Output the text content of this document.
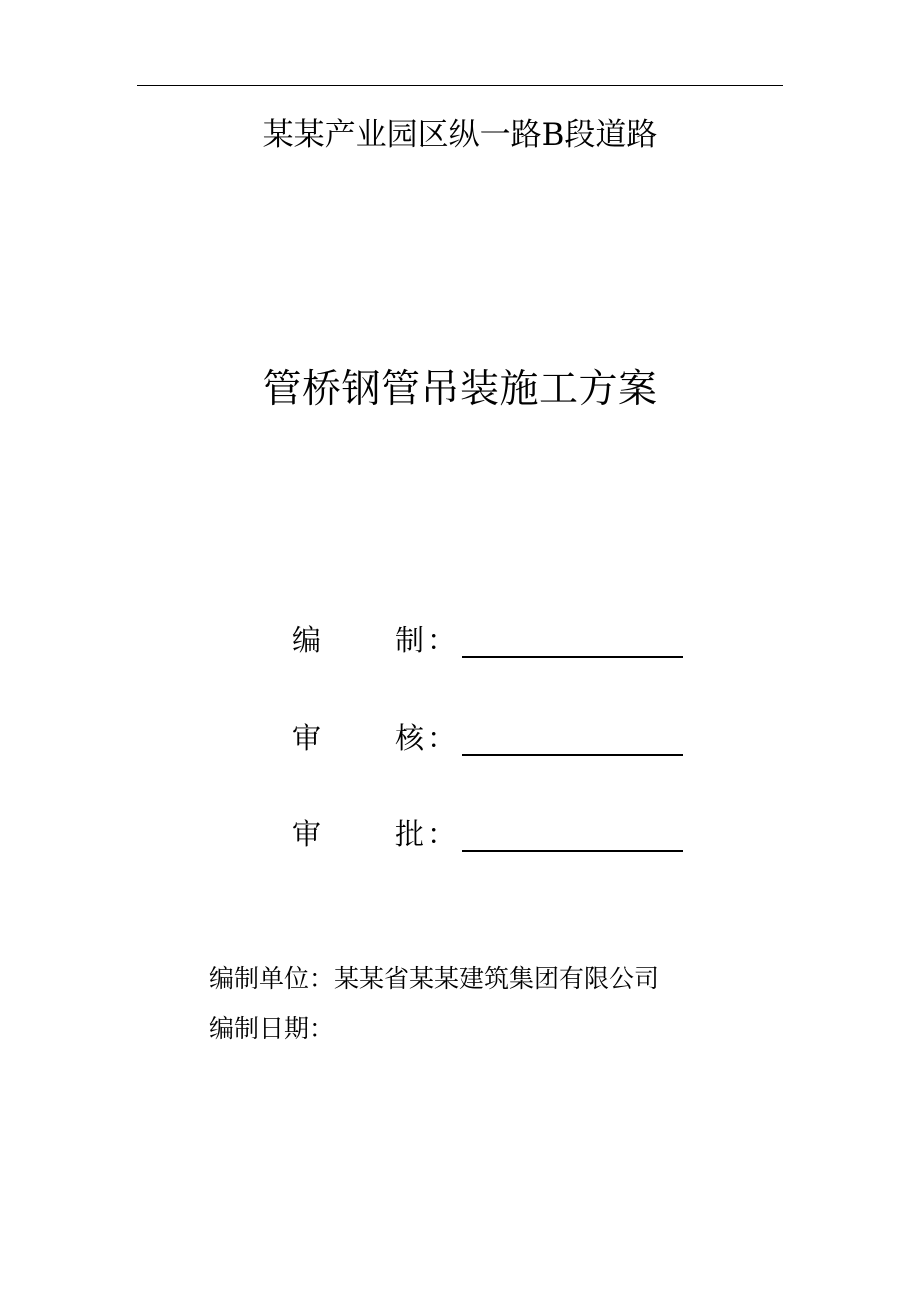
某某产业园区纵一路B段道路
管桥钢管吊装施工方案
编	制 ：
审	核 ：
审	批 ：
编制单位：某某省某某建筑集团有限公司
编制日期：
